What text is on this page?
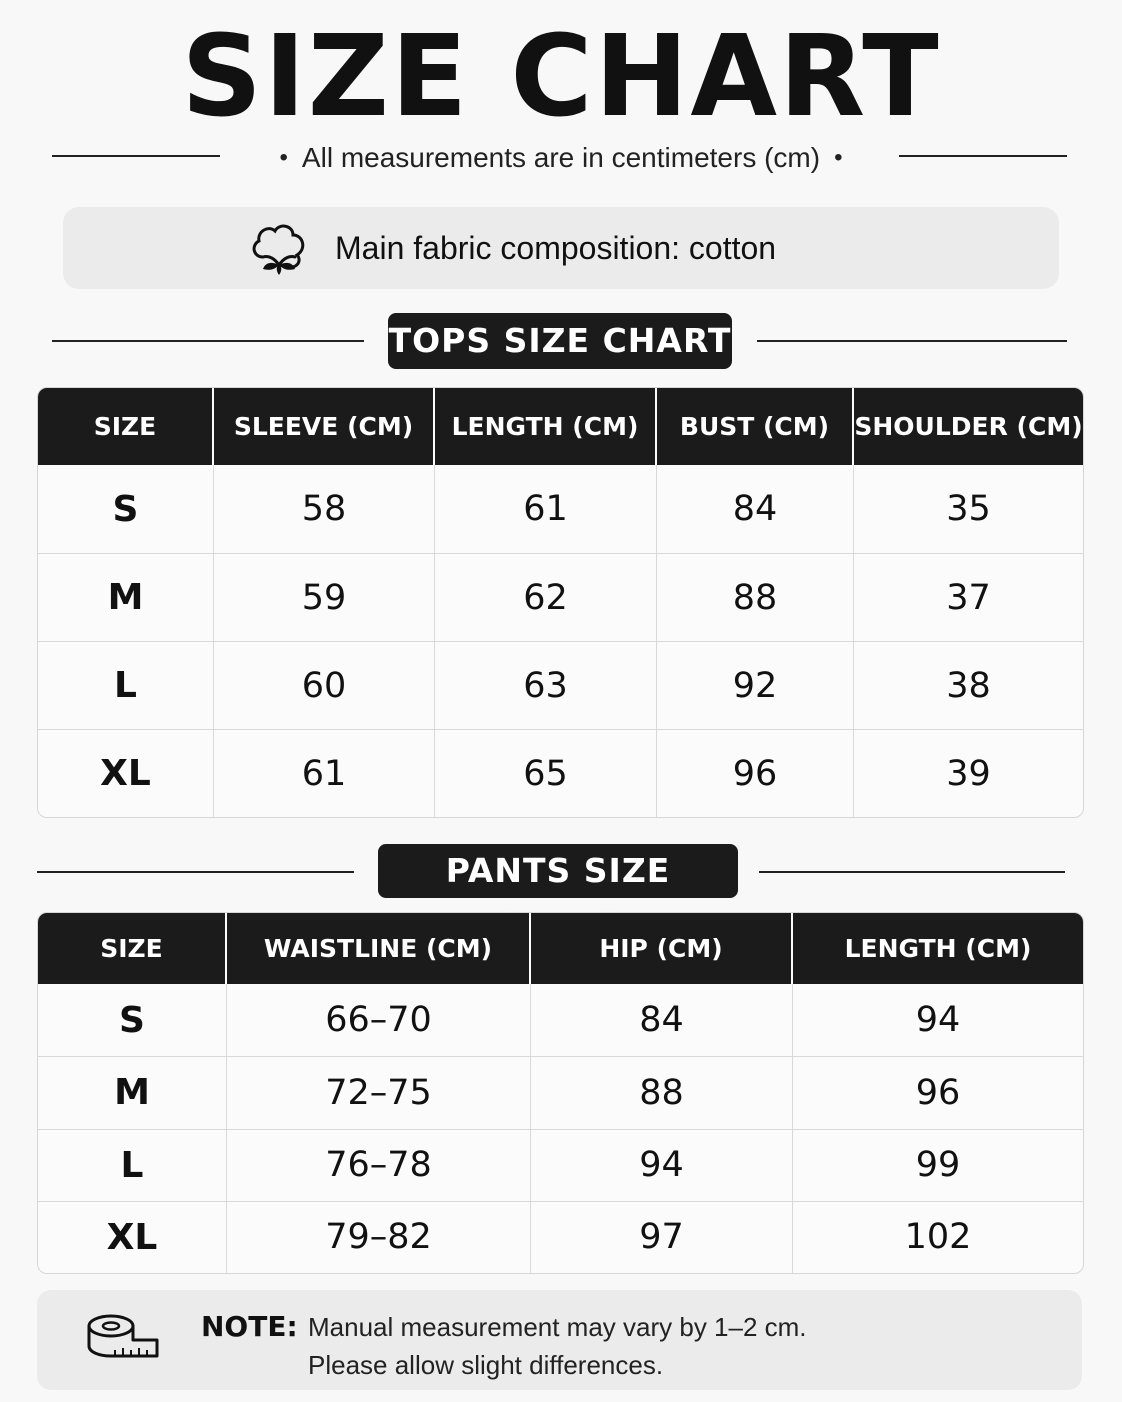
SIZE CHART
• All measurements are in centimeters (cm) •
Main fabric composition: cotton
TOPS SIZE CHART
SIZE	SLEEVE (CM)	LENGTH (CM)	BUST (CM)	SHOULDER (CM)
S	58	61	84	35
M	59	62	88	37
L	60	63	92	38
XL	61	65	96	39
PANTS SIZE
SIZE	WAISTLINE (CM)	HIP (CM)	LENGTH (CM)
S	66–70	84	94
M	72–75	88	96
L	76–78	94	99
XL	79–82	97	102
NOTE: Manual measurement may vary by 1–2 cm.
Please allow slight differences.
